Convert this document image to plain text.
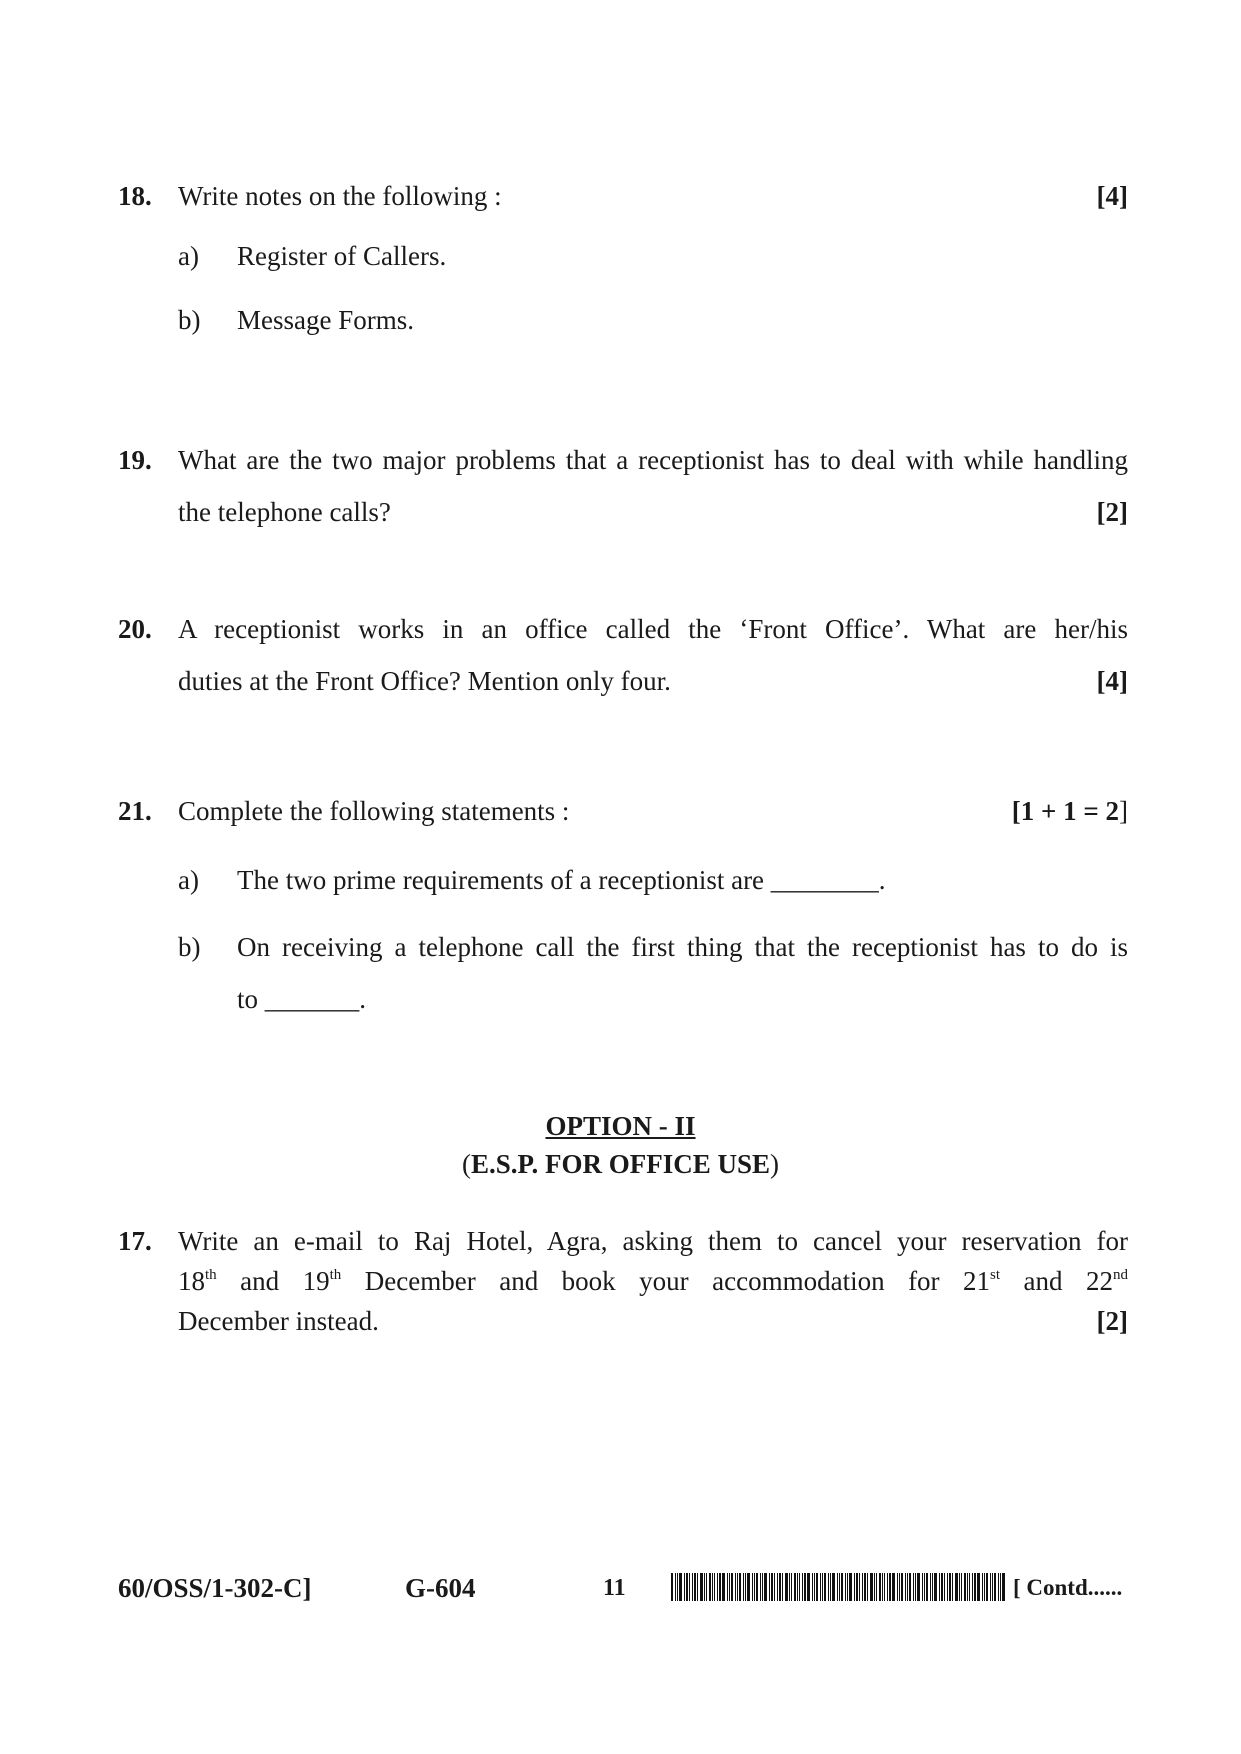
18. Write notes on the following :	[4]
a) Register of Callers.
b) Message Forms.
19. What are the two major problems that a receptionist has to deal with while handling
the telephone calls?	[2]
20. A receptionist works in an office called the ‘Front Office’. What are her/his
duties at the Front Office? Mention only four.	[4]
21. Complete the following statements :	[1 + 1 = 2]
a) The two prime requirements of a receptionist are ________.
b) On receiving a telephone call the first thing that the receptionist has to do is
to _______.
OPTION - II
(E.S.P. FOR OFFICE USE)
17. Write an e-mail to Raj Hotel, Agra, asking them to cancel your reservation for
18th and 19th December and book your accommodation for 21st and 22nd
December instead.	[2]
60/OSS/1-302-C]	G-604	11	[ Contd......
